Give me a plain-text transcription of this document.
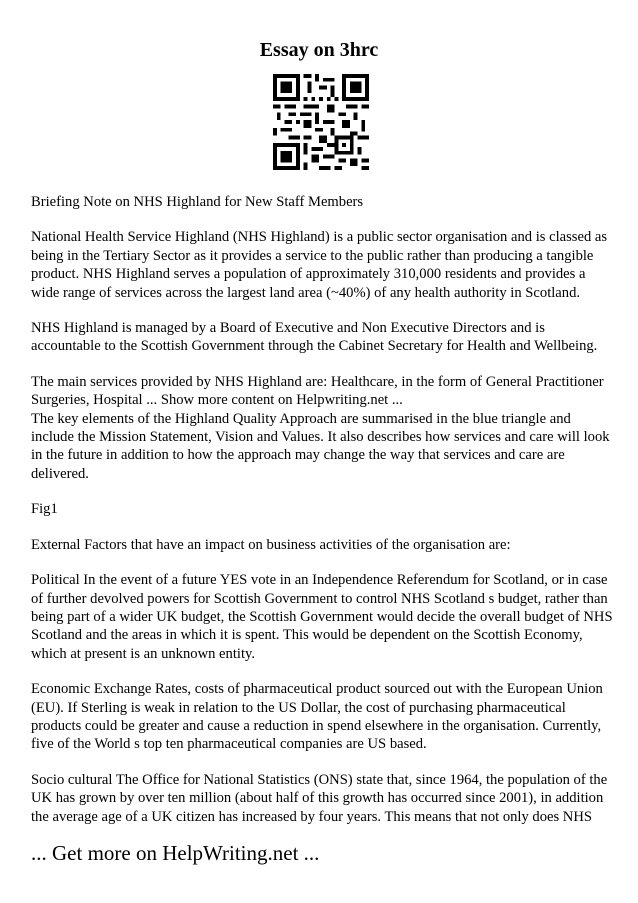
Essay on 3hrc

Briefing Note on NHS Highland for New Staff Members

National Health Service Highland (NHS Highland) is a public sector organisation and is classed as being in the Tertiary Sector as it provides a service to the public rather than producing a tangible product. NHS Highland serves a population of approximately 310,000 residents and provides a wide range of services across the largest land area (~40%) of any health authority in Scotland.

NHS Highland is managed by a Board of Executive and Non Executive Directors and is accountable to the Scottish Government through the Cabinet Secretary for Health and Wellbeing.

The main services provided by NHS Highland are: Healthcare, in the form of General Practitioner Surgeries, Hospital ... Show more content on Helpwriting.net ...

The key elements of the Highland Quality Approach are summarised in the blue triangle and include the Mission Statement, Vision and Values. It also describes how services and care will look in the future in addition to how the approach may change the way that services and care are delivered.

Fig1

External Factors that have an impact on business activities of the organisation are:

Political In the event of a future YES vote in an Independence Referendum for Scotland, or in case of further devolved powers for Scottish Government to control NHS Scotland s budget, rather than being part of a wider UK budget, the Scottish Government would decide the overall budget of NHS Scotland and the areas in which it is spent. This would be dependent on the Scottish Economy, which at present is an unknown entity.

Economic Exchange Rates, costs of pharmaceutical product sourced out with the European Union (EU). If Sterling is weak in relation to the US Dollar, the cost of purchasing pharmaceutical products could be greater and cause a reduction in spend elsewhere in the organisation. Currently, five of the World s top ten pharmaceutical companies are US based.

Socio cultural The Office for National Statistics (ONS) state that, since 1964, the population of the UK has grown by over ten million (about half of this growth has occurred since 2001), in addition the average age of a UK citizen has increased by four years. This means that not only does NHS

... Get more on HelpWriting.net ...
